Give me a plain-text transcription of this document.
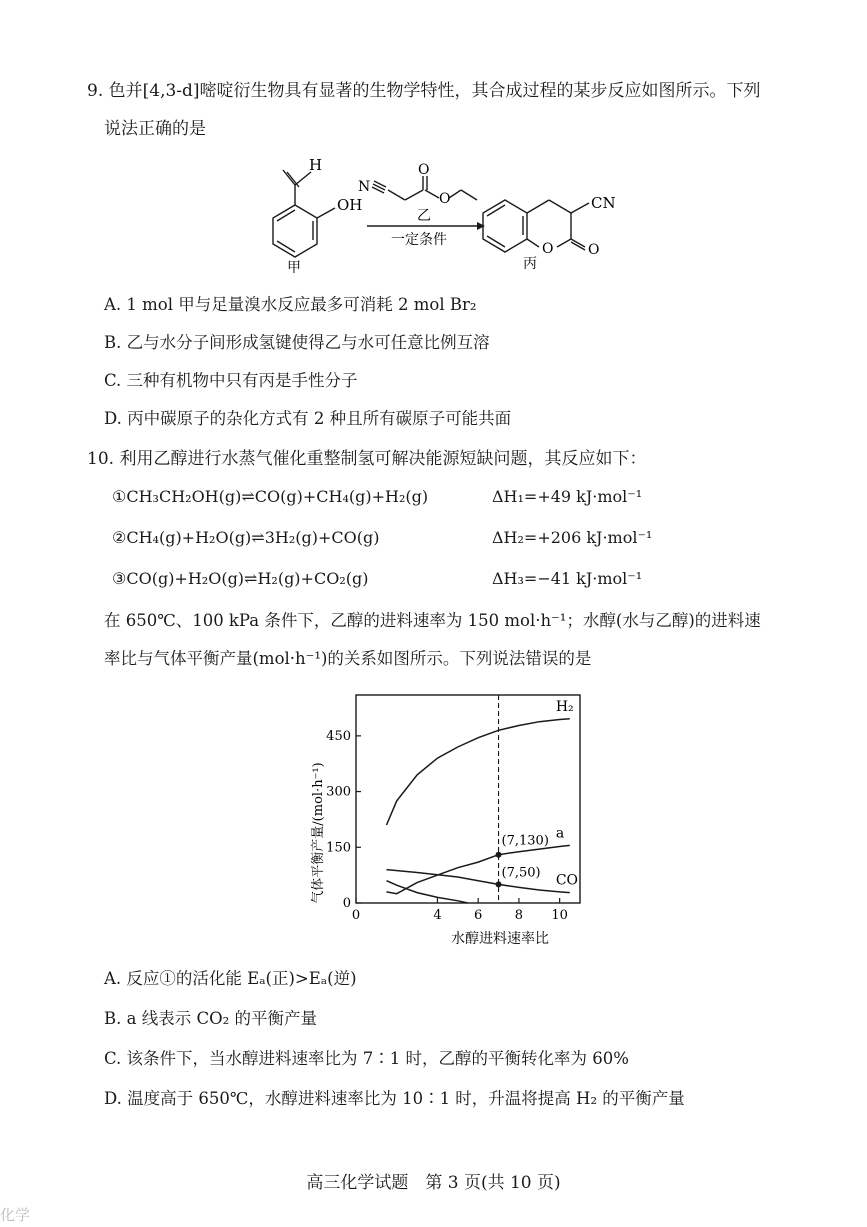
9. 色并[4,3-d]嘧啶衍生物具有显著的生物学特性，其合成过程的某步反应如图所示。下列
说法正确的是
H
OH
甲
N
O
O
乙
一定条件
O O
CN
丙
A. 1 mol 甲与足量溴水反应最多可消耗 2 mol Br₂
B. 乙与水分子间形成氢键使得乙与水可任意比例互溶
C. 三种有机物中只有丙是手性分子
D. 丙中碳原子的杂化方式有 2 种且所有碳原子可能共面
10. 利用乙醇进行水蒸气催化重整制氢可解决能源短缺问题，其反应如下：
①CH₃CH₂OH(g)⇌CO(g)+CH₄(g)+H₂(g)	ΔH₁=+49 kJ·mol⁻¹
②CH₄(g)+H₂O(g)⇌3H₂(g)+CO(g)	ΔH₂=+206 kJ·mol⁻¹
③CO(g)+H₂O(g)⇌H₂(g)+CO₂(g)	ΔH₃=−41 kJ·mol⁻¹
在 650℃、100 kPa 条件下，乙醇的进料速率为 150 mol·h⁻¹；水醇(水与乙醇)的进料速
率比与气体平衡产量(mol·h⁻¹)的关系如图所示。下列说法错误的是
0	4 6 8 10
0
150
300
450
H₂
a
CO
(7,130)
(7,50)
气体平衡产量/(mol·h⁻¹)
水醇进料速率比
A. 反应①的活化能 Eₐ(正)>Eₐ(逆)
B. a 线表示 CO₂ 的平衡产量
C. 该条件下，当水醇进料速率比为 7∶1 时，乙醇的平衡转化率为 60%
D. 温度高于 650℃，水醇进料速率比为 10∶1 时，升温将提高 H₂ 的平衡产量
高三化学试题　第 3 页(共 10 页)
化学
